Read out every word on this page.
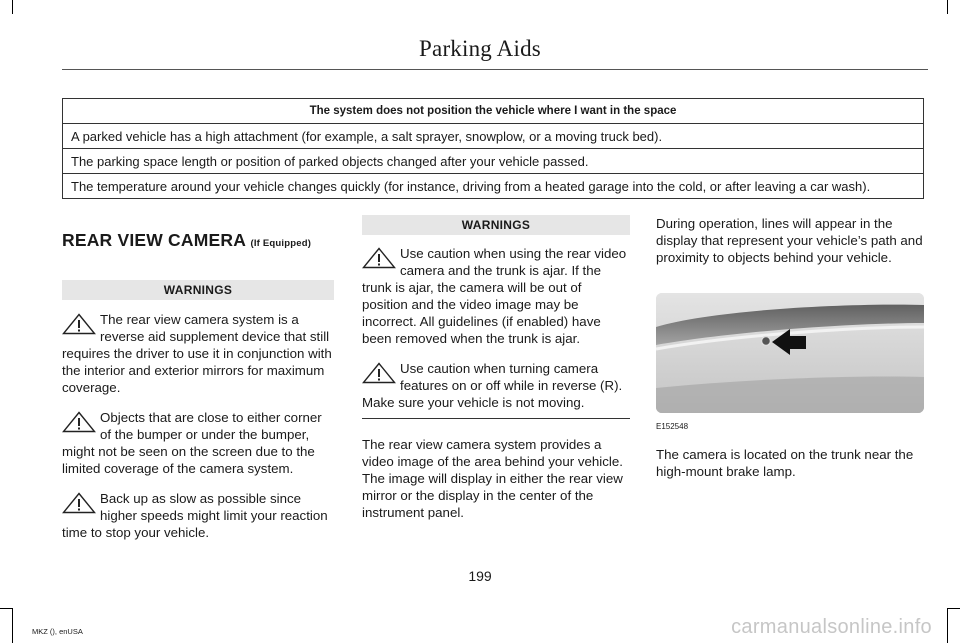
Parking Aids
The system does not position the vehicle where I want in the space
A parked vehicle has a high attachment (for example, a salt sprayer, snowplow, or a moving truck bed).
The parking space length or position of parked objects changed after your vehicle passed.
The temperature around your vehicle changes quickly (for instance, driving from a heated garage into the cold, or after leaving a car wash).
REAR VIEW CAMERA (If Equipped)
WARNINGS
The rear view camera system is a reverse aid supplement device that still requires the driver to use it in conjunction with the interior and exterior mirrors for maximum coverage.
Objects that are close to either corner of the bumper or under the bumper, might not be seen on the screen due to the limited coverage of the camera system.
Back up as slow as possible since higher speeds might limit your reaction time to stop your vehicle.
WARNINGS
Use caution when using the rear video camera and the trunk is ajar. If the trunk is ajar, the camera will be out of position and the video image may be incorrect. All guidelines (if enabled) have been removed when the trunk is ajar.
Use caution when turning camera features on or off while in reverse (R). Make sure your vehicle is not moving.
The rear view camera system provides a video image of the area behind your vehicle. The image will display in either the rear view mirror or the display in the center of the instrument panel.
During operation, lines will appear in the display that represent your vehicle’s path and proximity to objects behind your vehicle.
E152548
The camera is located on the trunk near the high-mount brake lamp.
199
MKZ (), enUSA	carmanualsonline.info
